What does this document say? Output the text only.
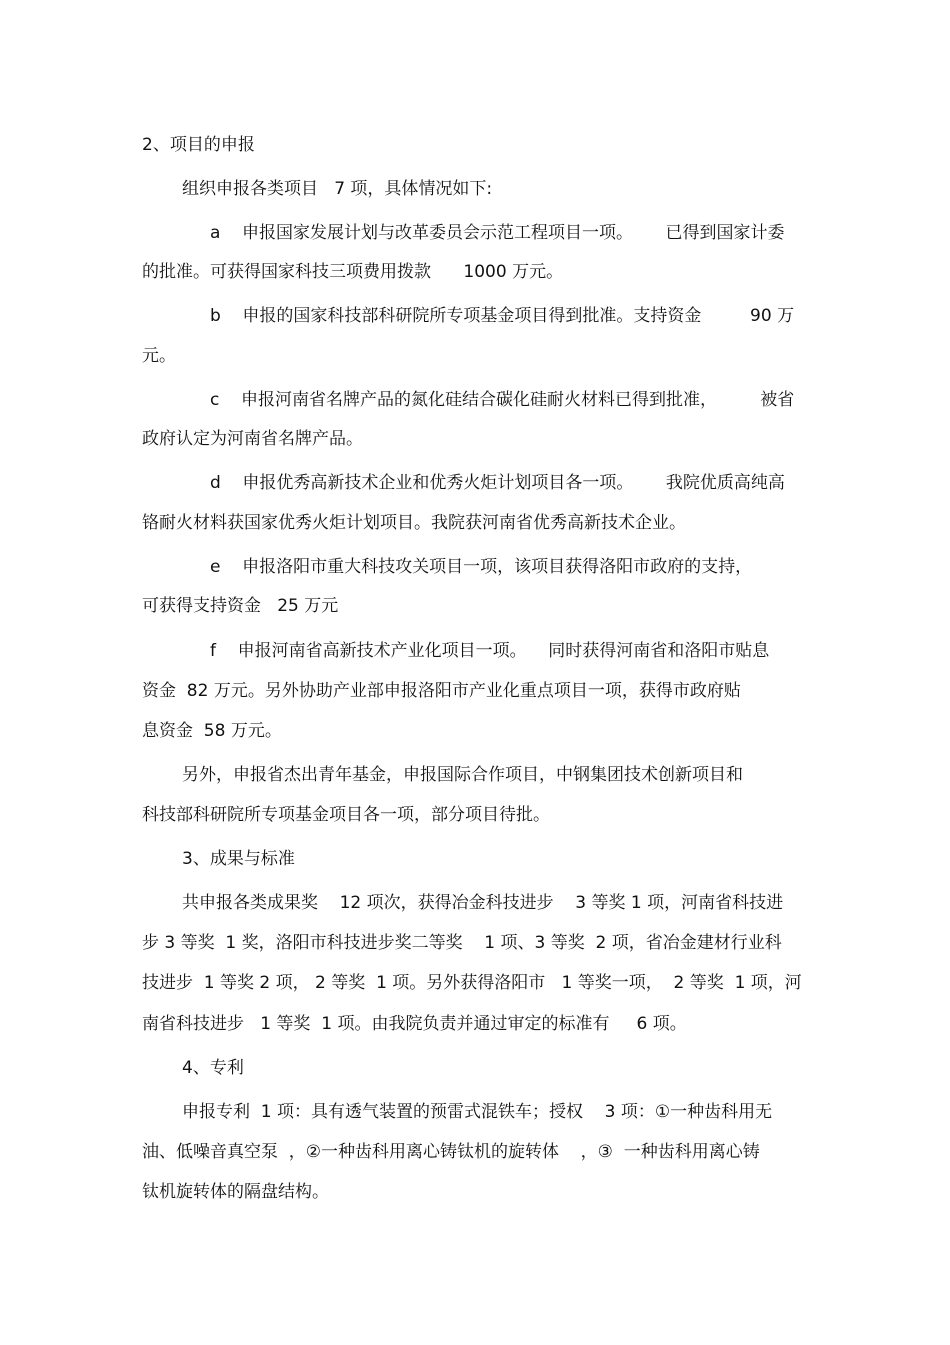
2、项目的申报
组织申报各类项目   7 项，具体情况如下:
a    申报国家发展计划与改革委员会示范工程项目一项。      已得到国家计委
的批准。可获得国家科技三项费用拨款      1000 万元。
b    申报的国家科技部科研院所专项基金项目得到批准。支持资金         90 万
元。
c    申报河南省名牌产品的氮化硅结合碳化硅耐火材料已得到批准，        被省
政府认定为河南省名牌产品。
d    申报优秀高新技术企业和优秀火炬计划项目各一项。      我院优质高纯高
铬耐火材料获国家优秀火炬计划项目。我院获河南省优秀高新技术企业。
e    申报洛阳市重大科技攻关项目一项，该项目获得洛阳市政府的支持，
可获得支持资金   25 万元
f    申报河南省高新技术产业化项目一项。    同时获得河南省和洛阳市贴息
资金  82 万元。另外协助产业部申报洛阳市产业化重点项目一项，获得市政府贴
息资金  58 万元。
另外，申报省杰出青年基金，申报国际合作项目，中钢集团技术创新项目和
科技部科研院所专项基金项目各一项，部分项目待批。
3、成果与标准
共申报各类成果奖    12 项次，获得冶金科技进步    3 等奖 1 项，河南省科技进
步 3 等奖  1 奖，洛阳市科技进步奖二等奖    1 项、3 等奖  2 项，省冶金建材行业科
技进步  1 等奖 2 项， 2 等奖  1 项。另外获得洛阳市   1 等奖一项，  2 等奖  1 项，河
南省科技进步   1 等奖  1 项。由我院负责并通过审定的标准有     6 项。
4、专利
申报专利  1 项：具有透气装置的预雷式混铁车；授权    3 项：①一种齿科用无
油、低噪音真空泵  ，②一种齿科用离心铸钛机的旋转体    ，③  一种齿科用离心铸
钛机旋转体的隔盘结构。
